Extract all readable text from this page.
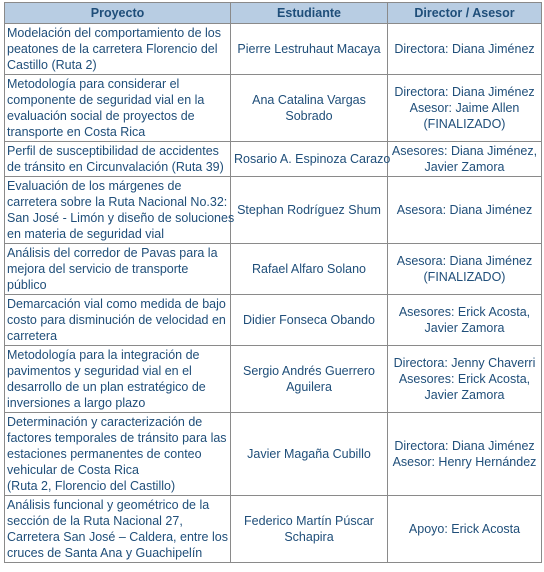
Proyecto	Estudiante	Director / Asesor

Modelación del comportamiento de los
peatones de la carretera Florencio del
Castillo (Ruta 2)	Pierre Lestruhaut Macaya	Directora: Diana Jiménez

Metodología para considerar el
componente de seguridad vial en la
evaluación social de proyectos de
transporte en Costa Rica	Ana Catalina Vargas
Sobrado	Directora: Diana Jiménez
Asesor: Jaime Allen
(FINALIZADO)

Perfil de susceptibilidad de accidentes
de tránsito en Circunvalación (Ruta 39)	Rosario A. Espinoza Carazo	Asesores: Diana Jiménez,
Javier Zamora

Evaluación de los márgenes de
carretera sobre la Ruta Nacional No.32:
San José - Limón y diseño de soluciones
en materia de seguridad vial	Stephan Rodríguez Shum	Asesora: Diana Jiménez

Análisis del corredor de Pavas para la
mejora del servicio de transporte
público	Rafael Alfaro Solano	Asesora: Diana Jiménez
(FINALIZADO)

Demarcación vial como medida de bajo
costo para disminución de velocidad en
carretera	Didier Fonseca Obando	Asesores: Erick Acosta,
Javier Zamora

Metodología para la integración de
pavimentos y seguridad vial en el
desarrollo de un plan estratégico de
inversiones a largo plazo	Sergio Andrés Guerrero
Aguilera	Directora: Jenny Chaverri
Asesores: Erick Acosta,
Javier Zamora

Determinación y caracterización de
factores temporales de tránsito para las
estaciones permanentes de conteo
vehicular de Costa Rica
(Ruta 2, Florencio del Castillo)	Javier Magaña Cubillo	Directora: Diana Jiménez
Asesor: Henry Hernández

Análisis funcional y geométrico de la
sección de la Ruta Nacional 27,
Carretera San José – Caldera, entre los
cruces de Santa Ana y Guachipelín	Federico Martín Púscar
Schapira	Apoyo: Erick Acosta
